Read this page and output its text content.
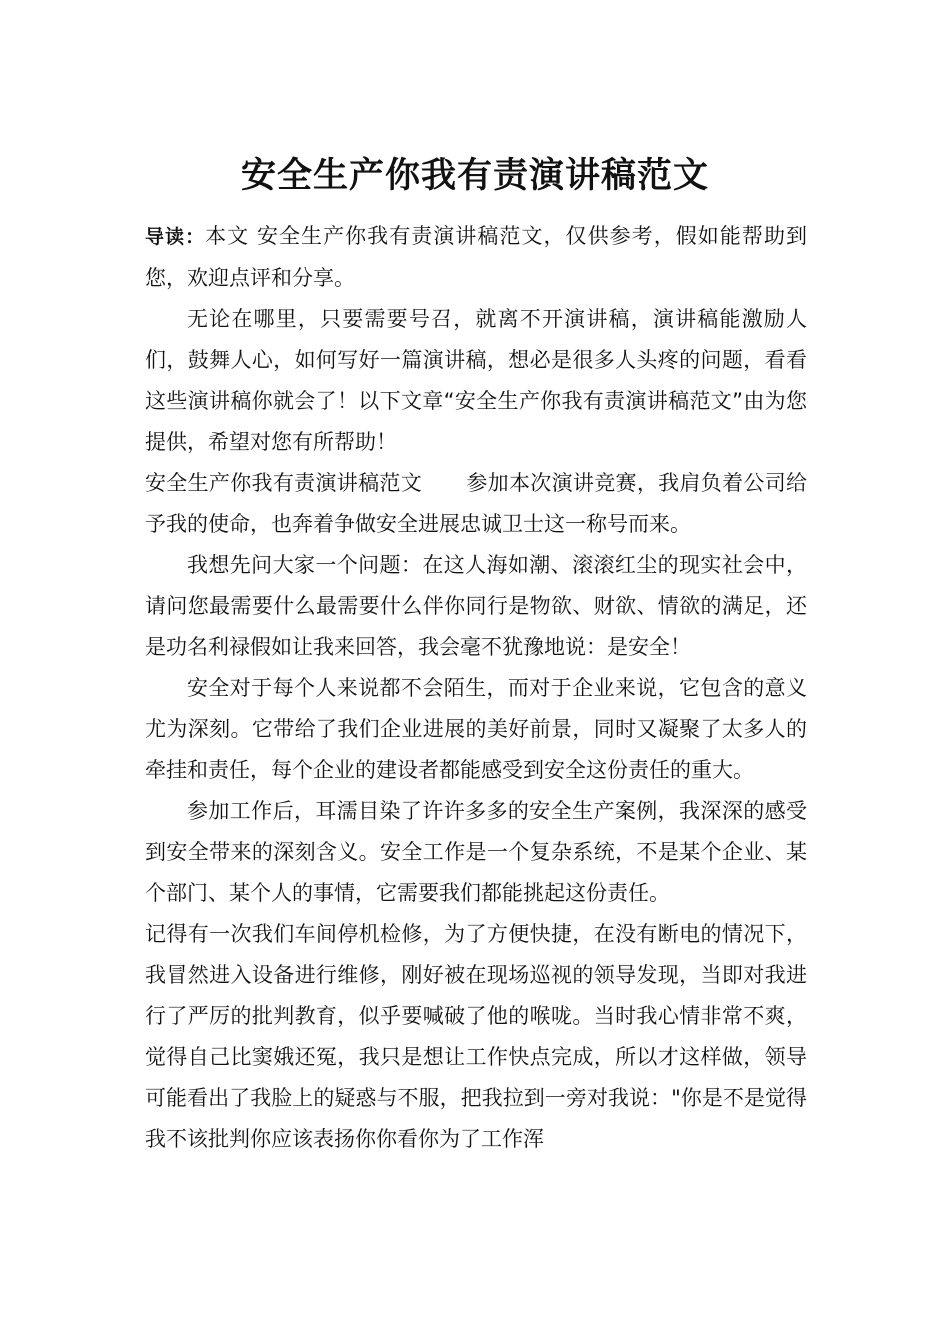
安全生产你我有责演讲稿范文

导读：本文 安全生产你我有责演讲稿范文，仅供参考，假如能帮助到您，欢迎点评和分享。

无论在哪里，只要需要号召，就离不开演讲稿，演讲稿能激励人们，鼓舞人心，如何写好一篇演讲稿，想必是很多人头疼的问题，看看这些演讲稿你就会了！以下文章“安全生产你我有责演讲稿范文”由为您提供，希望对您有所帮助！

安全生产你我有责演讲稿范文 参加本次演讲竞赛，我肩负着公司给予我的使命，也奔着争做安全进展忠诚卫士这一称号而来。

我想先问大家一个问题：在这人海如潮、滚滚红尘的现实社会中，请问您最需要什么最需要什么伴你同行是物欲、财欲、情欲的满足，还是功名利禄假如让我来回答，我会毫不犹豫地说：是安全！

安全对于每个人来说都不会陌生，而对于企业来说，它包含的意义尤为深刻。它带给了我们企业进展的美好前景，同时又凝聚了太多人的牵挂和责任，每个企业的建设者都能感受到安全这份责任的重大。

参加工作后，耳濡目染了许许多多的安全生产案例，我深深的感受到安全带来的深刻含义。安全工作是一个复杂系统，不是某个企业、某个部门、某个人的事情，它需要我们都能挑起这份责任。

记得有一次我们车间停机检修，为了方便快捷，在没有断电的情况下，我冒然进入设备进行维修，刚好被在现场巡视的领导发现，当即对我进行了严厉的批判教育，似乎要喊破了他的喉咙。当时我心情非常不爽，觉得自己比窦娥还冤，我只是想让工作快点完成，所以才这样做，领导可能看出了我脸上的疑惑与不服，把我拉到一旁对我说："你是不是觉得我不该批判你应该表扬你你看你为了工作浑
